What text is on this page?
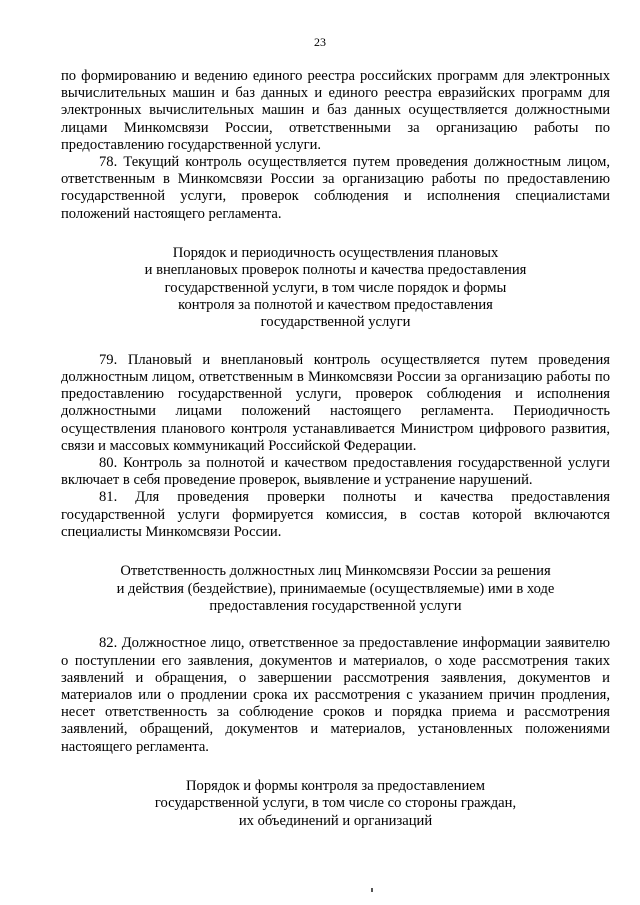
23

по формированию и ведению единого реестра российских программ для электронных вычислительных машин и баз данных и единого реестра евразийских программ для электронных вычислительных машин и баз данных осуществляется должностными лицами Минкомсвязи России, ответственными за организацию работы по предоставлению государственной услуги.

78. Текущий контроль осуществляется путем проведения должностным лицом, ответственным в Минкомсвязи России за организацию работы по предоставлению государственной услуги, проверок соблюдения и исполнения специалистами положений настоящего регламента.

Порядок и периодичность осуществления плановых
и внеплановых проверок полноты и качества предоставления
государственной услуги, в том числе порядок и формы
контроля за полнотой и качеством предоставления
государственной услуги

79. Плановый и внеплановый контроль осуществляется путем проведения должностным лицом, ответственным в Минкомсвязи России за организацию работы по предоставлению государственной услуги, проверок соблюдения и исполнения должностными лицами положений настоящего регламента. Периодичность осуществления планового контроля устанавливается Министром цифрового развития, связи и массовых коммуникаций Российской Федерации.

80. Контроль за полнотой и качеством предоставления государственной услуги включает в себя проведение проверок, выявление и устранение нарушений.

81. Для проведения проверки полноты и качества предоставления государственной услуги формируется комиссия, в состав которой включаются специалисты Минкомсвязи России.

Ответственность должностных лиц Минкомсвязи России за решения
и действия (бездействие), принимаемые (осуществляемые) ими в ходе
предоставления государственной услуги

82. Должностное лицо, ответственное за предоставление информации заявителю о поступлении его заявления, документов и материалов, о ходе рассмотрения таких заявлений и обращения, о завершении рассмотрения заявления, документов и материалов или о продлении срока их рассмотрения с указанием причин продления, несет ответственность за соблюдение сроков и порядка приема и рассмотрения заявлений, обращений, документов и материалов, установленных положениями настоящего регламента.

Порядок и формы контроля за предоставлением
государственной услуги, в том числе со стороны граждан,
их объединений и организаций
